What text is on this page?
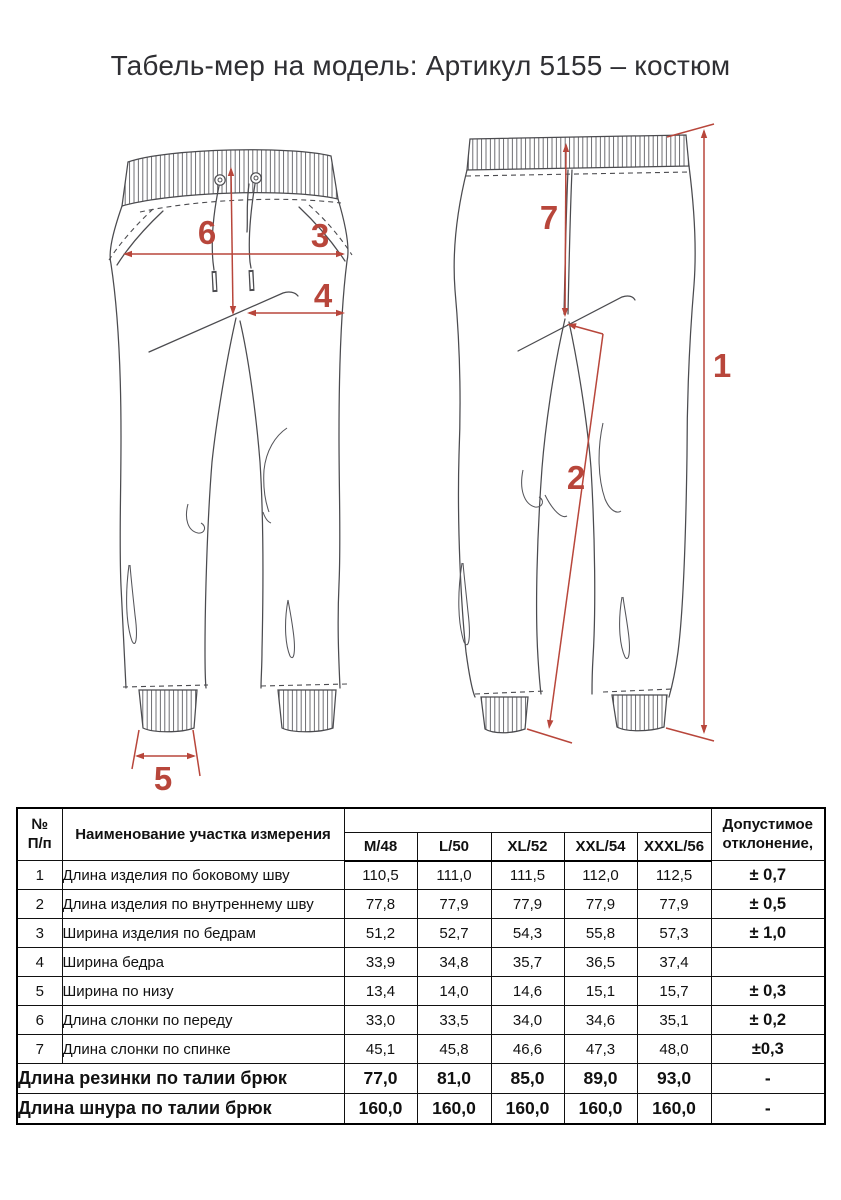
Табель-мер на модель: Артикул 5155 – костюм
6	3
4
5
7
2
1
№
П/п	Наименование участка измерения		
Допустимое
отклонение,

		M/48	L/50	XL/52	XXL/54	XXXL/56	
1	Длина изделия по боковому шву	110,5	111,0	111,5	112,0	112,5	± 0,7
2	Длина изделия по внутреннему шву	77,8	77,9	77,9	77,9	77,9	± 0,5
3	Ширина изделия по бедрам	51,2	52,7	54,3	55,8	57,3	± 1,0
4	Ширина бедра	33,9	34,8	35,7	36,5	37,4	
5	Ширина по низу	13,4	14,0	14,6	15,1	15,7	± 0,3
6	Длина слонки по переду	33,0	33,5	34,0	34,6	35,1	± 0,2
7	Длина слонки по спинке	45,1	45,8	46,6	47,3	48,0	±0,3
Длина резинки по талии брюк		77,0	81,0	85,0	89,0	93,0	-
Длина шнура по талии брюк		160,0	160,0	160,0	160,0	160,0	-
